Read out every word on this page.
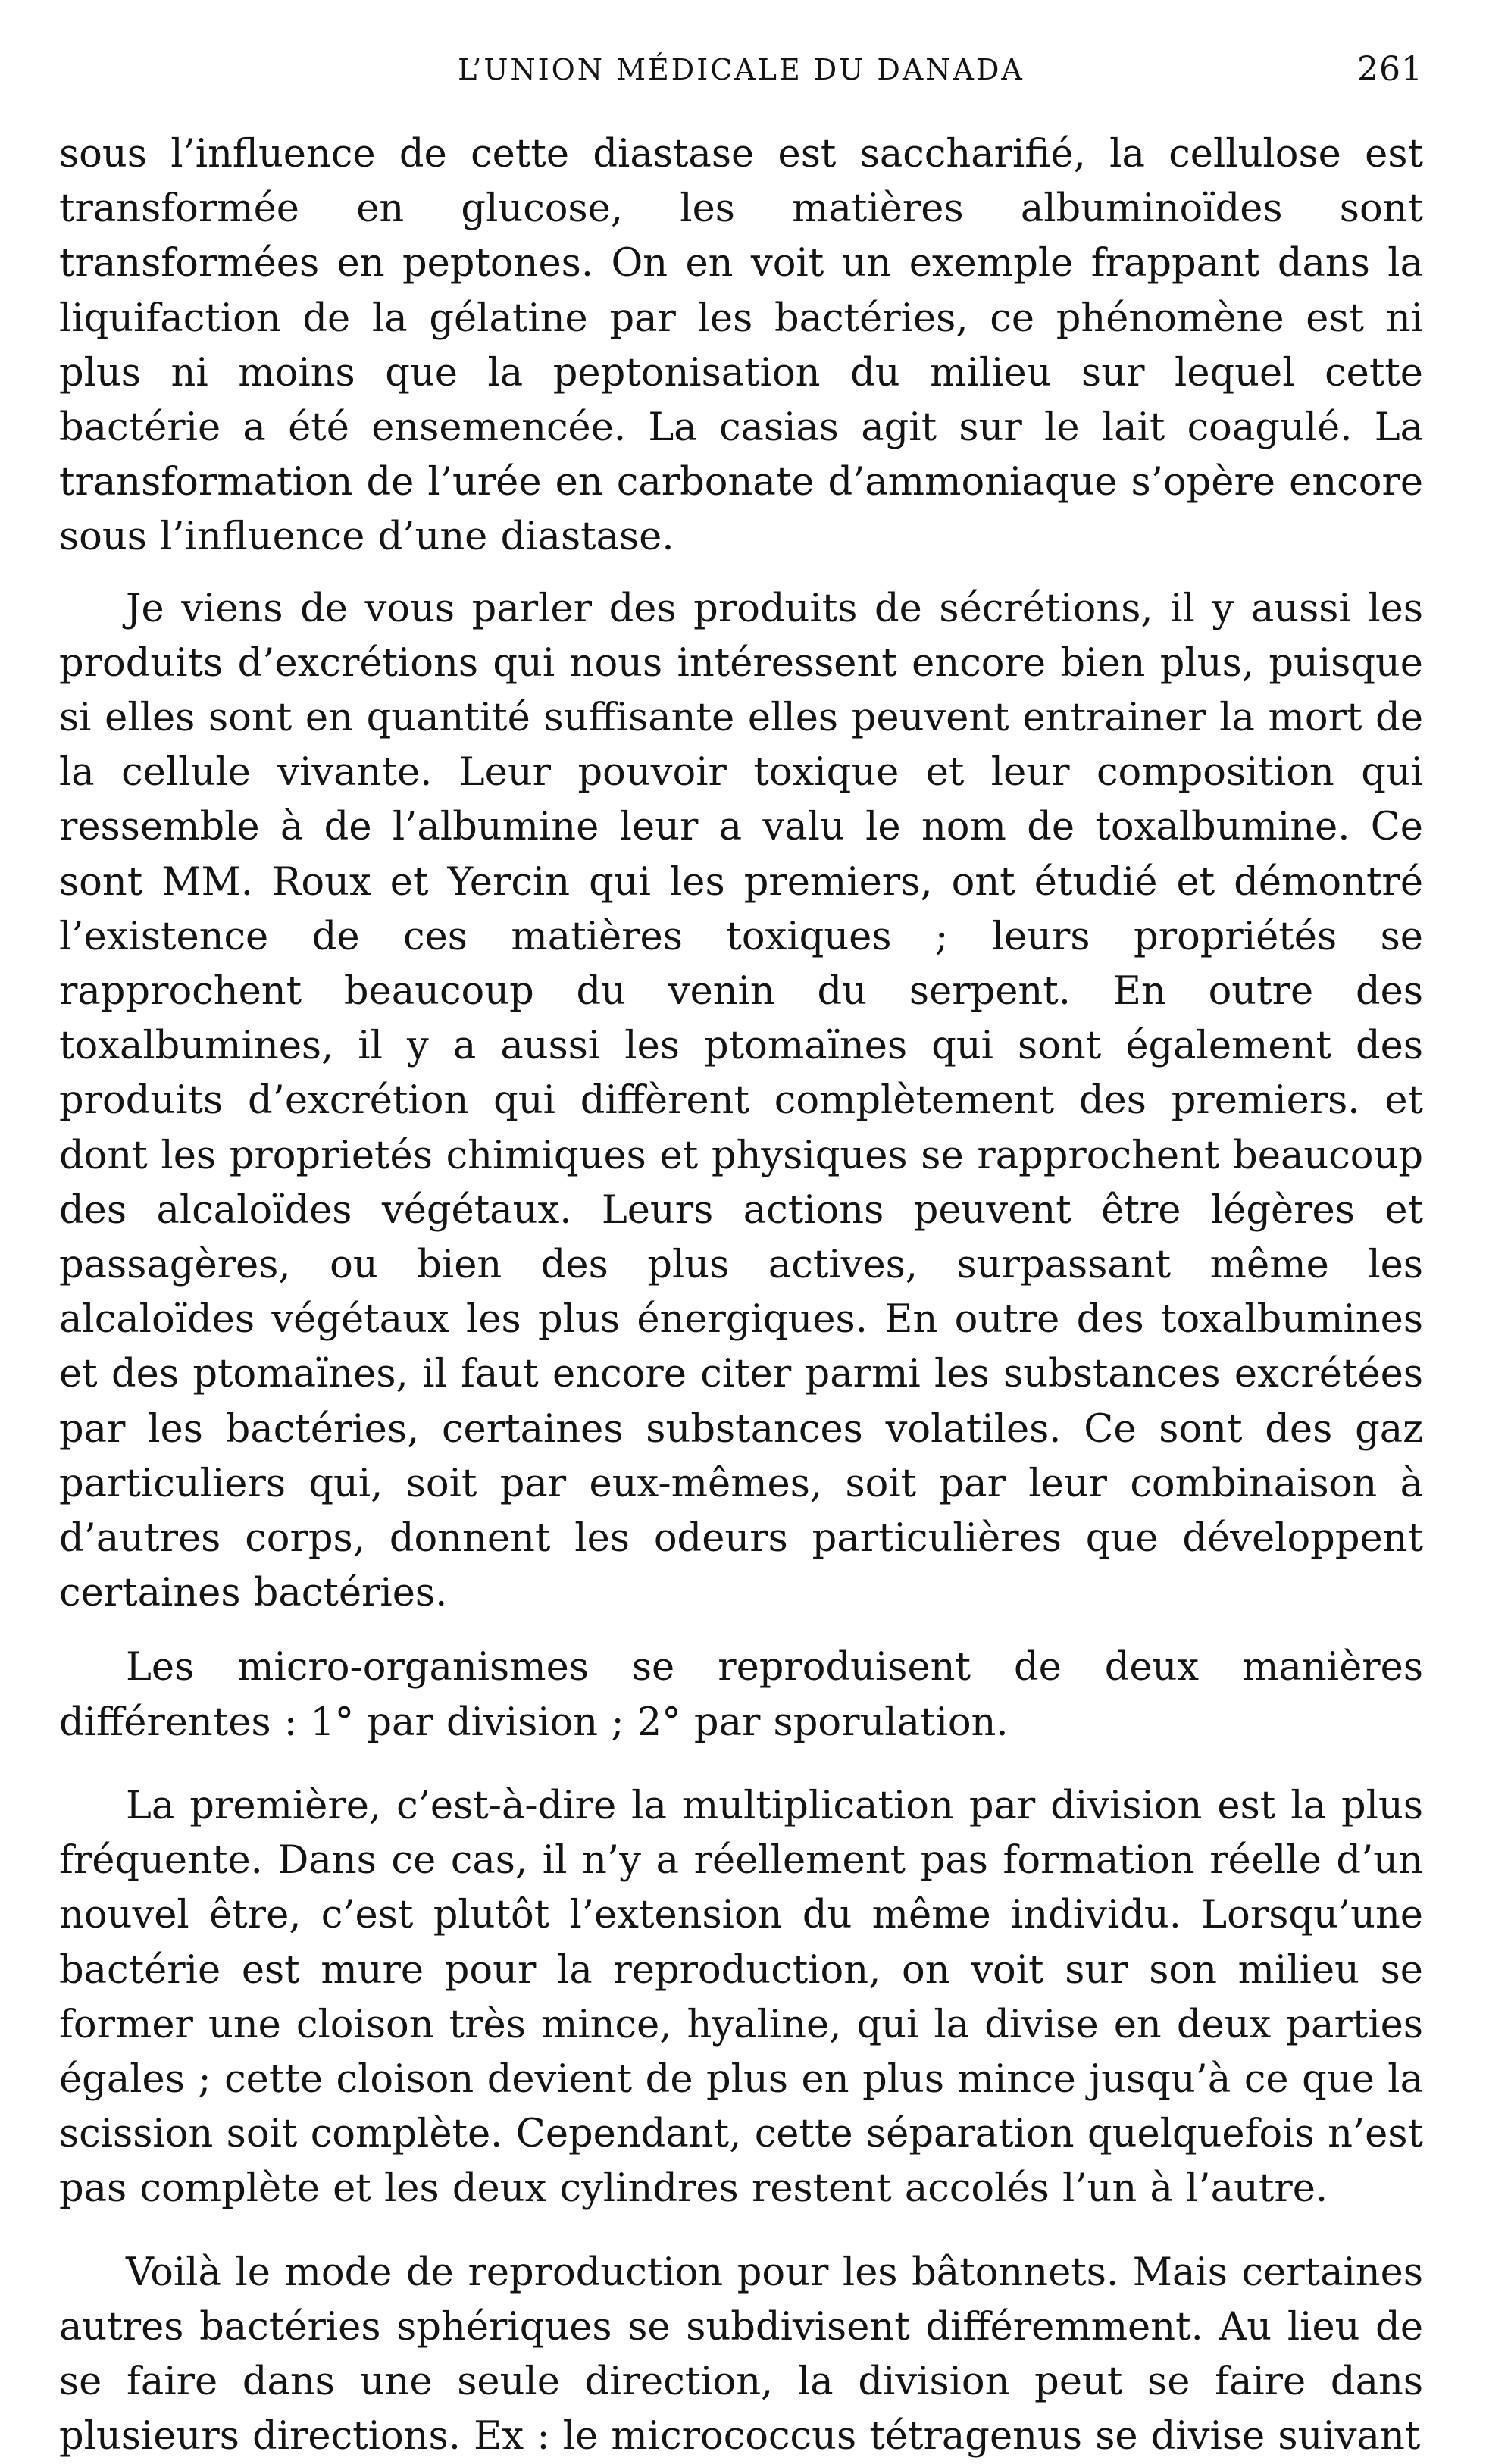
L’UNION MÉDICALE DU DANADA	261

sous l’influence de cette diastase est saccharifié, la cellulose est transformée en glucose, les matières albuminoïdes sont transformées en peptones. On en voit un exemple frappant dans la liquifaction de la gélatine par les bactéries, ce phénomène est ni plus ni moins que la peptonisation du milieu sur lequel cette bactérie a été ensemencée. La casias agit sur le lait coagulé. La transformation de l’urée en carbonate d’ammoniaque s’opère encore sous l’influence d’une diastase.

Je viens de vous parler des produits de sécrétions, il y aussi les produits d’excrétions qui nous intéressent encore bien plus, puisque si elles sont en quantité suffisante elles peuvent entrainer la mort de la cellule vivante. Leur pouvoir toxique et leur composition qui ressemble à de l’albumine leur a valu le nom de toxalbumine. Ce sont MM. Roux et Yercin qui les premiers, ont étudié et démontré l’existence de ces matières toxiques ; leurs propriétés se rapprochent beaucoup du venin du serpent. En outre des toxalbumines, il y a aussi les ptomaïnes qui sont également des produits d’excrétion qui diffèrent complètement des premiers. et dont les proprietés chimiques et physiques se rapprochent beaucoup des alcaloïdes végétaux. Leurs actions peuvent être légères et passagères, ou bien des plus actives, surpassant même les alcaloïdes végétaux les plus énergiques. En outre des toxalbumines et des ptomaïnes, il faut encore citer parmi les substances excrétées par les bactéries, certaines substances volatiles. Ce sont des gaz particuliers qui, soit par eux-mêmes, soit par leur combinaison à d’autres corps, donnent les odeurs particulières que développent certaines bactéries.

Les micro-organismes se reproduisent de deux manières différentes : 1° par division ; 2° par sporulation.

La première, c’est-à-dire la multiplication par division est la plus fréquente. Dans ce cas, il n’y a réellement pas formation réelle d’un nouvel être, c’est plutôt l’extension du même individu. Lorsqu’une bactérie est mure pour la reproduction, on voit sur son milieu se former une cloison très mince, hyaline, qui la divise en deux parties égales ; cette cloison devient de plus en plus mince jusqu’à ce que la scission soit complète. Cependant, cette séparation quelquefois n’est pas complète et les deux cylindres restent accolés l’un à l’autre.

Voilà le mode de reproduction pour les bâtonnets. Mais certaines autres bactéries sphériques se subdivisent différemment. Au lieu de se faire dans une seule direction, la division peut se faire dans plusieurs directions. Ex : le micrococcus tétragenus se divise suivant
